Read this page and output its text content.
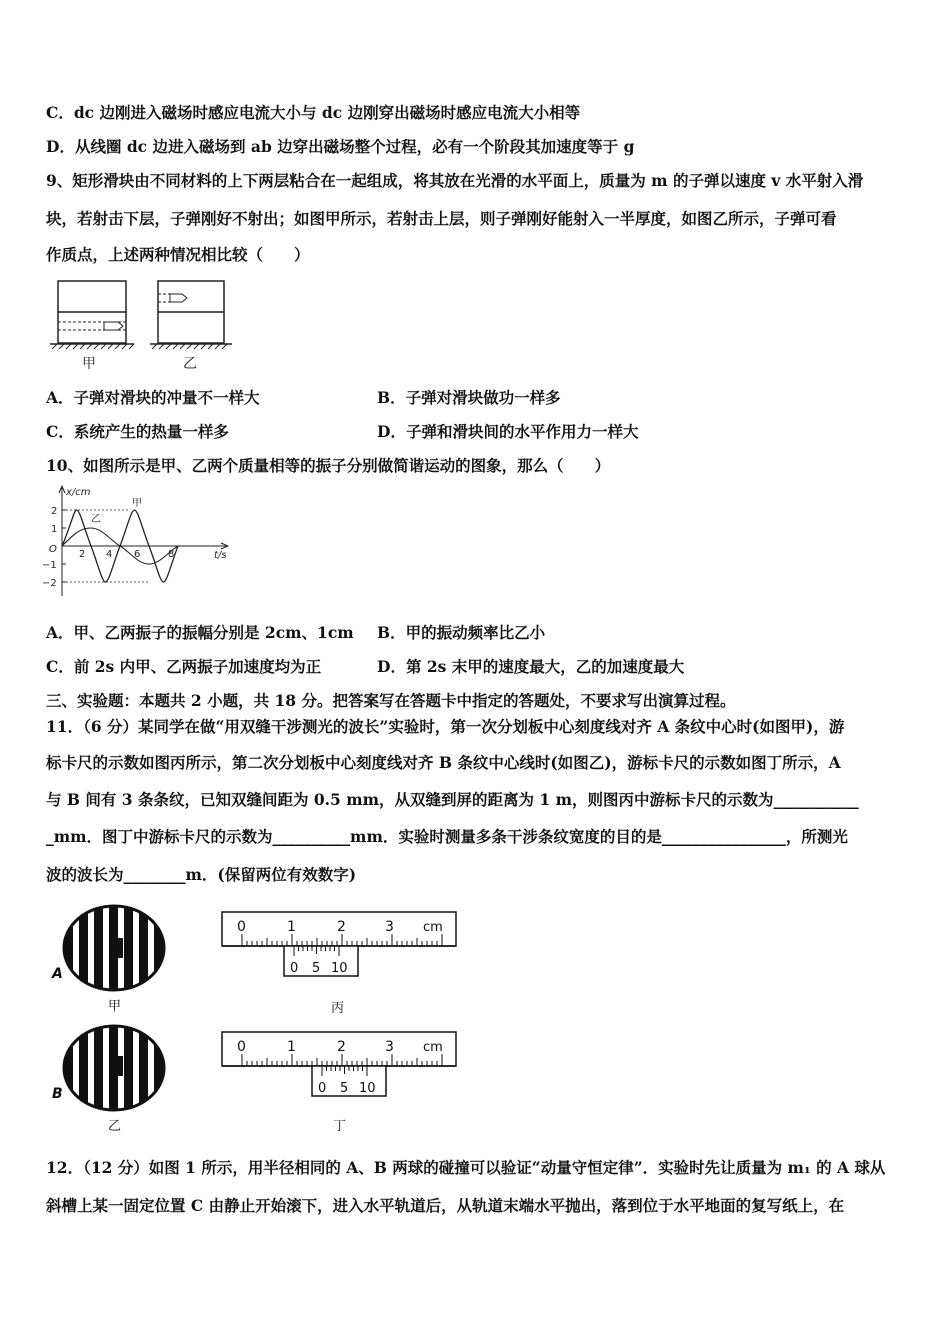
C．dc 边刚进入磁场时感应电流大小与 dc 边刚穿出磁场时感应电流大小相等
D．从线圈 dc 边进入磁场到 ab 边穿出磁场整个过程，必有一个阶段其加速度等于 g
9、矩形滑块由不同材料的上下两层粘合在一起组成，将其放在光滑的水平面上，质量为 m 的子弹以速度 v 水平射入滑
块，若射击下层，子弹刚好不射出；如图甲所示，若射击上层，则子弹刚好能射入一半厚度，如图乙所示，子弹可看
作质点，上述两种情况相比较（　　）
甲	乙
A．子弹对滑块的冲量不一样大	B．子弹对滑块做功一样多
C．系统产生的热量一样多	D．子弹和滑块间的水平作用力一样大
10、如图所示是甲、乙两个质量相等的振子分别做简谐运动的图象，那么（　　）
x/cm
t/s
O
2
1
−1
−2
2 4 6	8
甲
乙
A．甲、乙两振子的振幅分别是 2cm、1cm B．甲的振动频率比乙小
C．前 2s 内甲、乙两振子加速度均为正	D．第 2s 末甲的速度最大，乙的加速度最大
三、实验题：本题共 2 小题，共 18 分。把答案写在答题卡中指定的答题处，不要求写出演算过程。
11．（6 分）某同学在做“用双缝干涉测光的波长”实验时，第一次分划板中心刻度线对齐 A 条纹中心时(如图甲)，游
标卡尺的示数如图丙所示，第二次分划板中心刻度线对齐 B 条纹中心线时(如图乙)，游标卡尺的示数如图丁所示，A
与 B 间有 3 条条纹，已知双缝间距为 0.5 mm，从双缝到屏的距离为 1 m，则图丙中游标卡尺的示数为___________
_mm．图丁中游标卡尺的示数为__________mm．实验时测量多条干涉条纹宽度的目的是________________，所测光
波的波长为________m．(保留两位有效数字)
A
甲
B
乙
0	1	2	3 cm
0 5 10
丙
0	1	2	3 cm
0 5 10
丁
12．（12 分）如图 1 所示，用半径相同的 A、B 两球的碰撞可以验证“动量守恒定律”．实验时先让质量为 m₁ 的 A 球从
斜槽上某一固定位置 C 由静止开始滚下，进入水平轨道后，从轨道末端水平抛出，落到位于水平地面的复写纸上，在
